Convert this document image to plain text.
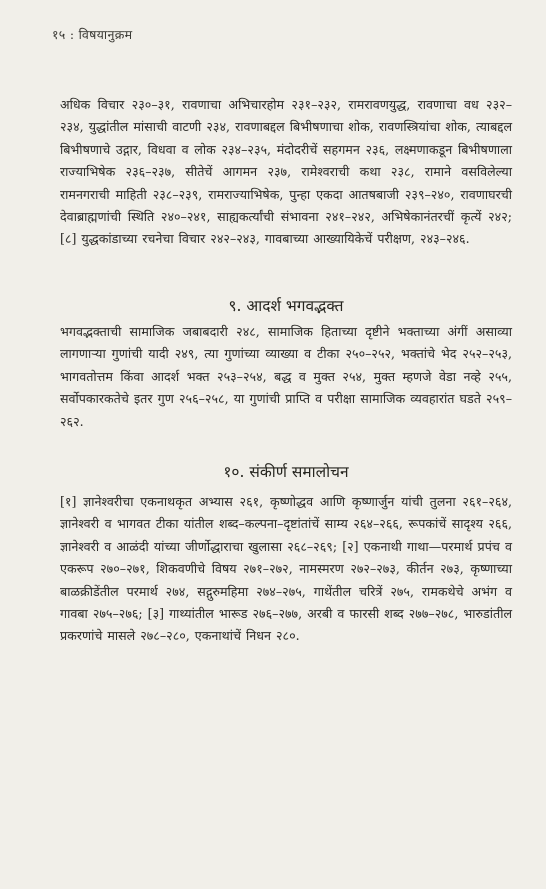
१५ : विषयानुक्रम

अधिक विचार २३०–३१, रावणाचा अभिचारहोम २३१–२३२, रामरावणयुद्ध, रावणाचा वध २३२–२३४, युद्धांतील मांसाची वाटणी २३४, रावणाबद्दल बिभीषणाचा शोक, रावणस्त्रियांचा शोक, त्याबद्दल बिभीषणाचे उद्गार, विधवा व लोक २३४–२३५, मंदोदरीचें सहगमन २३६, लक्ष्मणाकडून बिभीषणाला राज्याभिषेक २३६–२३७, सीतेचें आगमन २३७, रामेश्वराची कथा २३८, रामाने वसविलेल्या रामनगराची माहिती २३८–२३९, रामराज्याभिषेक, पुन्हा एकदा आतषबाजी २३९–२४०, रावणाघरची देवाब्राह्मणांची स्थिति २४०–२४१, साह्यकर्त्यांची संभावना २४१–२४२, अभिषेकानंतरचीं कृत्यें २४२; [८] युद्धकांडाच्या रचनेचा विचार २४२–२४३, गावबाच्या आख्यायिकेचें परीक्षण, २४३–२४६.

९. आदर्श भगवद्भक्त

भगवद्भक्ताची सामाजिक जबाबदारी २४८, सामाजिक हिताच्या दृष्टीने भक्ताच्या अंगीं असाव्या लागणाऱ्या गुणांची यादी २४९, त्या गुणांच्या व्याख्या व टीका २५०–२५२, भक्तांचे भेद २५२–२५३, भागवतोत्तम किंवा आदर्श भक्त २५३–२५४, बद्ध व मुक्त २५४, मुक्त म्हणजे वेडा नव्हे २५५, सर्वोपकारकतेचे इतर गुण २५६–२५८, या गुणांची प्राप्ति व परीक्षा सामाजिक व्यवहारांत घडते २५९–२६२.

१०. संकीर्ण समालोचन

[१] ज्ञानेश्वरीचा एकनाथकृत अभ्यास २६१, कृष्णोद्धव आणि कृष्णार्जुन यांची तुलना २६१–२६४, ज्ञानेश्वरी व भागवत टीका यांतील शब्द–कल्पना–दृष्टांतांचें साम्य २६४–२६६, रूपकांचें सादृश्य २६६, ज्ञानेश्वरी व आळंदी यांच्या जीर्णोद्धाराचा खुलासा २६८–२६९; [२] एकनाथी गाथा—परमार्थ प्रपंच व एकरूप २७०–२७१, शिकवणीचे विषय २७१–२७२, नामस्मरण २७२–२७३, कीर्तन २७३, कृष्णाच्या बाळक्रीडेंतील परमार्थ २७४, सद्गुरुमहिमा २७४–२७५, गाथेंतील चरित्रें २७५, रामकथेचे अभंग व गावबा २७५–२७६; [३] गाथ्यांतील भारूड २७६–२७७, अरबी व फारसी शब्द २७७–२७८, भारुडांतील प्रकरणांचे मासले २७८–२८०, एकनाथांचें निधन २८०.
